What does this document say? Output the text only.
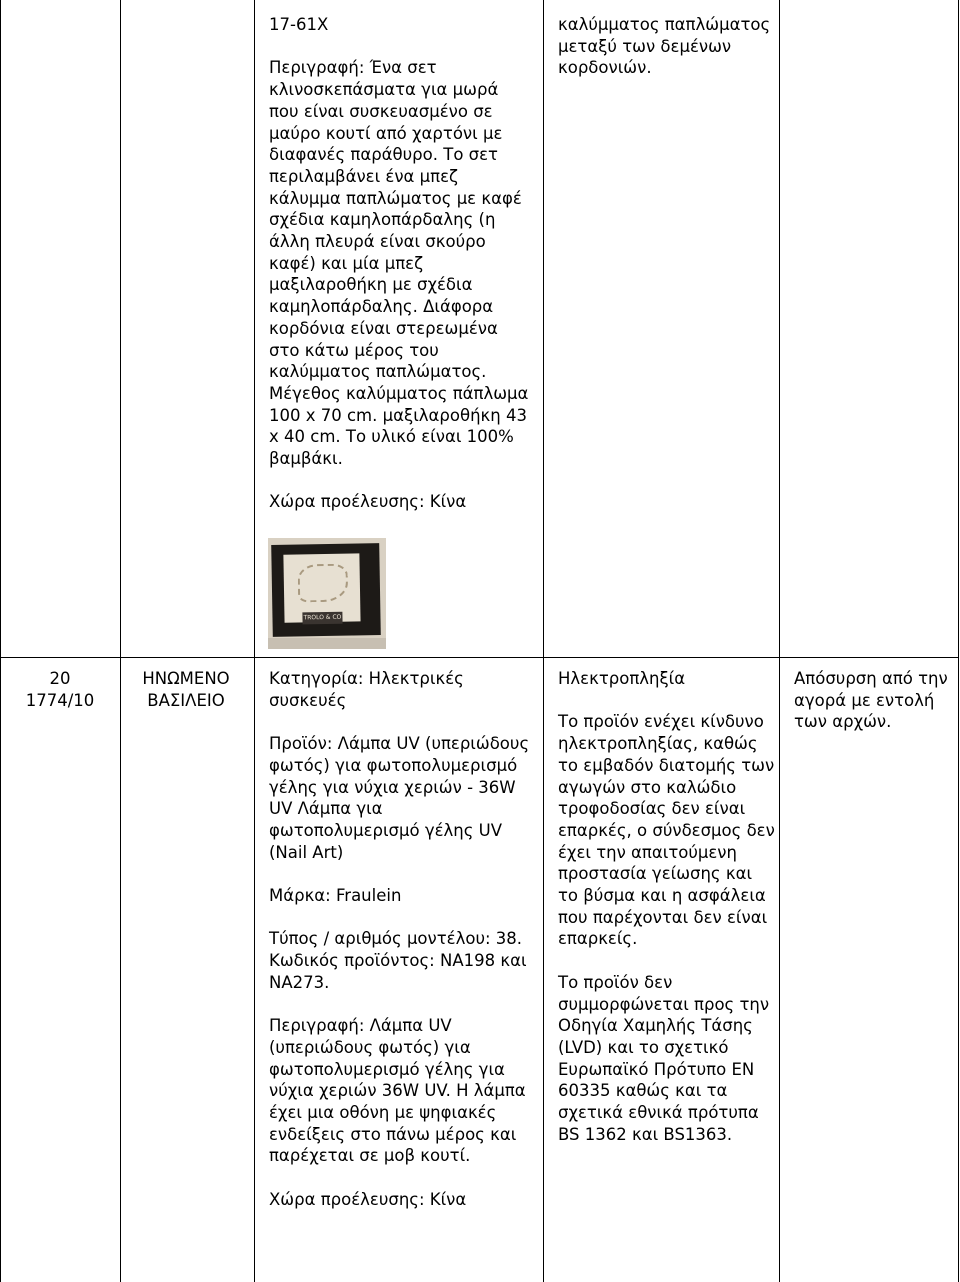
17-61X

Περιγραφή: Ένα σετ κλινοσκεπάσματα για μωρά που είναι συσκευασμένο σε μαύρο κουτί από χαρτόνι με διαφανές παράθυρο. Το σετ περιλαμβάνει ένα μπεζ κάλυμμα παπλώματος με καφέ σχέδια καμηλοπάρδαλης (η άλλη πλευρά είναι σκούρο καφέ) και μία μπεζ μαξιλαροθήκη με σχέδια καμηλοπάρδαλης. Διάφορα κορδόνια είναι στερεωμένα στο κάτω μέρος του καλύμματος παπλώματος. Μέγεθος καλύμματος πάπλωμα 100 x 70 cm. μαξιλαροθήκη 43 x 40 cm. Το υλικό είναι 100% βαμβάκι.

Χώρα προέλευσης: Κίνα

TROLO & CO

καλύμματος παπλώματος μεταξύ των δεμένων κορδονιών.

20
1774/10
ΗΝΩΜΕΝΟ ΒΑΣΙΛΕΙΟ

Κατηγορία: Ηλεκτρικές συσκευές

Προϊόν: Λάμπα UV (υπεριώδους φωτός) για φωτοπολυμερισμό γέλης για νύχια χεριών - 36W UV Λάμπα για φωτοπολυμερισμό γέλης UV (Nail Art)

Μάρκα: Fraulein

Τύπος / αριθμός μοντέλου: 38. Κωδικός προϊόντος: NA198 και NA273.

Περιγραφή: Λάμπα UV (υπεριώδους φωτός) για φωτοπολυμερισμό γέλης για νύχια χεριών 36W UV. Η λάμπα έχει μια οθόνη με ψηφιακές ενδείξεις στο πάνω μέρος και παρέχεται σε μοβ κουτί.

Χώρα προέλευσης: Κίνα

Ηλεκτροπληξία

Το προϊόν ενέχει κίνδυνο ηλεκτροπληξίας, καθώς το εμβαδόν διατομής των αγωγών στο καλώδιο τροφοδοσίας δεν είναι επαρκές, ο σύνδεσμος δεν έχει την απαιτούμενη προστασία γείωσης και το βύσμα και η ασφάλεια που παρέχονται δεν είναι επαρκείς.

Το προϊόν δεν συμμορφώνεται προς την Οδηγία Χαμηλής Τάσης (LVD) και το σχετικό Ευρωπαϊκό Πρότυπο EN 60335 καθώς και τα σχετικά εθνικά πρότυπα BS 1362 και BS1363.

Απόσυρση από την αγορά με εντολή των αρχών.
